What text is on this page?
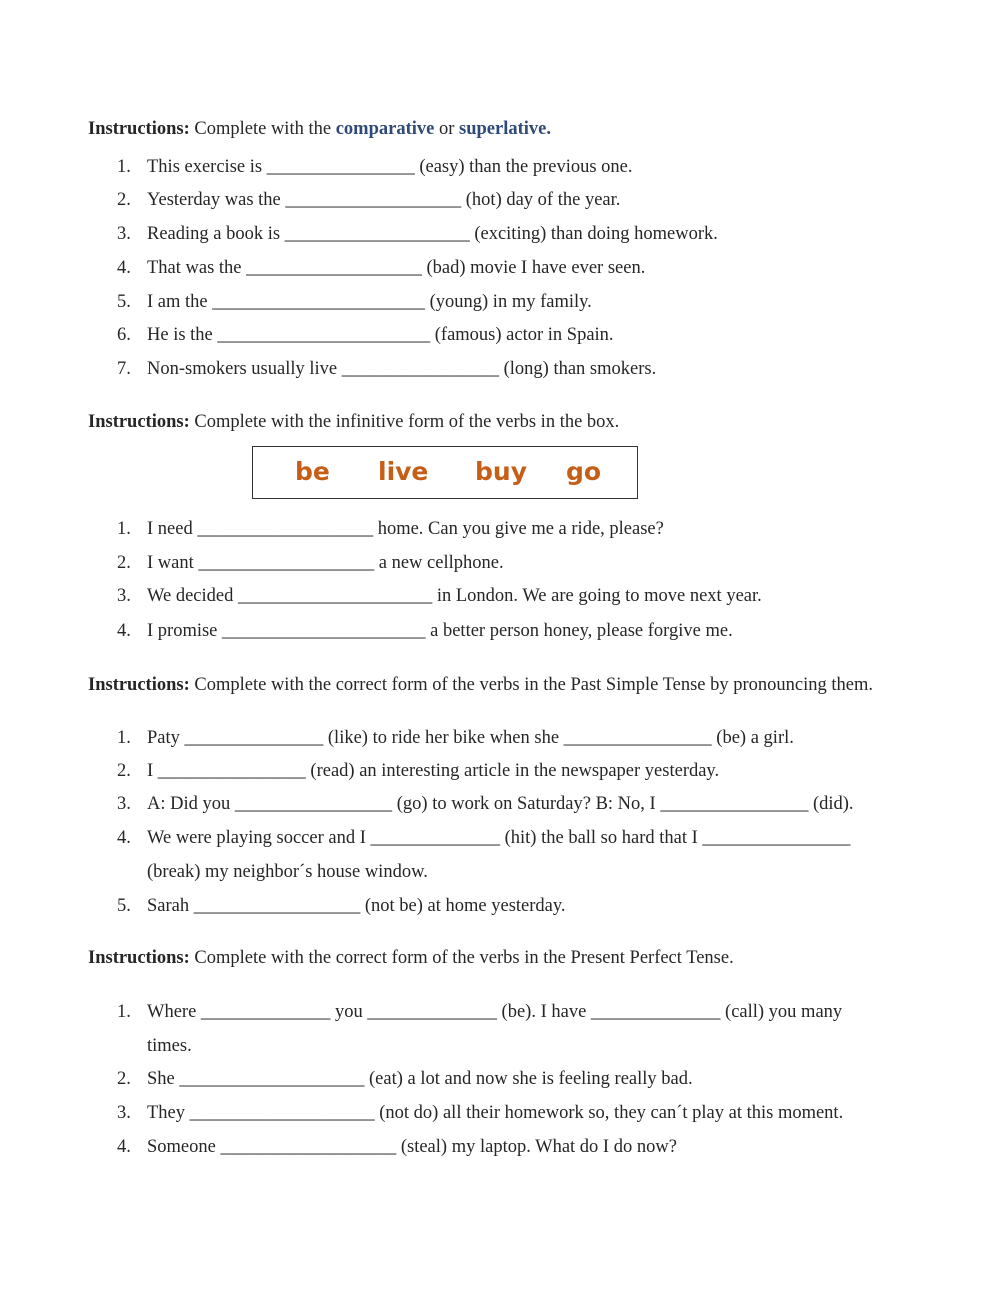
Instructions: Complete with the comparative or superlative.
1. This exercise is ________________ (easy) than the previous one.
2. Yesterday was the ___________________ (hot) day of the year.
3. Reading a book is ____________________ (exciting) than doing homework.
4. That was the ___________________ (bad) movie I have ever seen.
5. I am the _______________________ (young) in my family.
6. He is the _______________________ (famous) actor in Spain.
7. Non-smokers usually live _________________ (long) than smokers.
Instructions: Complete with the infinitive form of the verbs in the box.
be live buy go
1. I need ___________________ home. Can you give me a ride, please?
2. I want ___________________ a new cellphone.
3. We decided _____________________ in London. We are going to move next year.
4. I promise ______________________ a better person honey, please forgive me.
Instructions: Complete with the correct form of the verbs in the Past Simple Tense by pronouncing them.
1. Paty _______________ (like) to ride her bike when she ________________ (be) a girl.
2. I ________________ (read) an interesting article in the newspaper yesterday.
3. A: Did you _________________ (go) to work on Saturday? B: No, I ________________ (did).
4. We were playing soccer and I ______________ (hit) the ball so hard that I ________________
(break) my neighbor´s house window.
5. Sarah __________________ (not be) at home yesterday.
Instructions: Complete with the correct form of the verbs in the Present Perfect Tense.
1. Where ______________ you ______________ (be). I have ______________ (call) you many
times.
2. She ____________________ (eat) a lot and now she is feeling really bad.
3. They ____________________ (not do) all their homework so, they can´t play at this moment.
4. Someone ___________________ (steal) my laptop. What do I do now?
